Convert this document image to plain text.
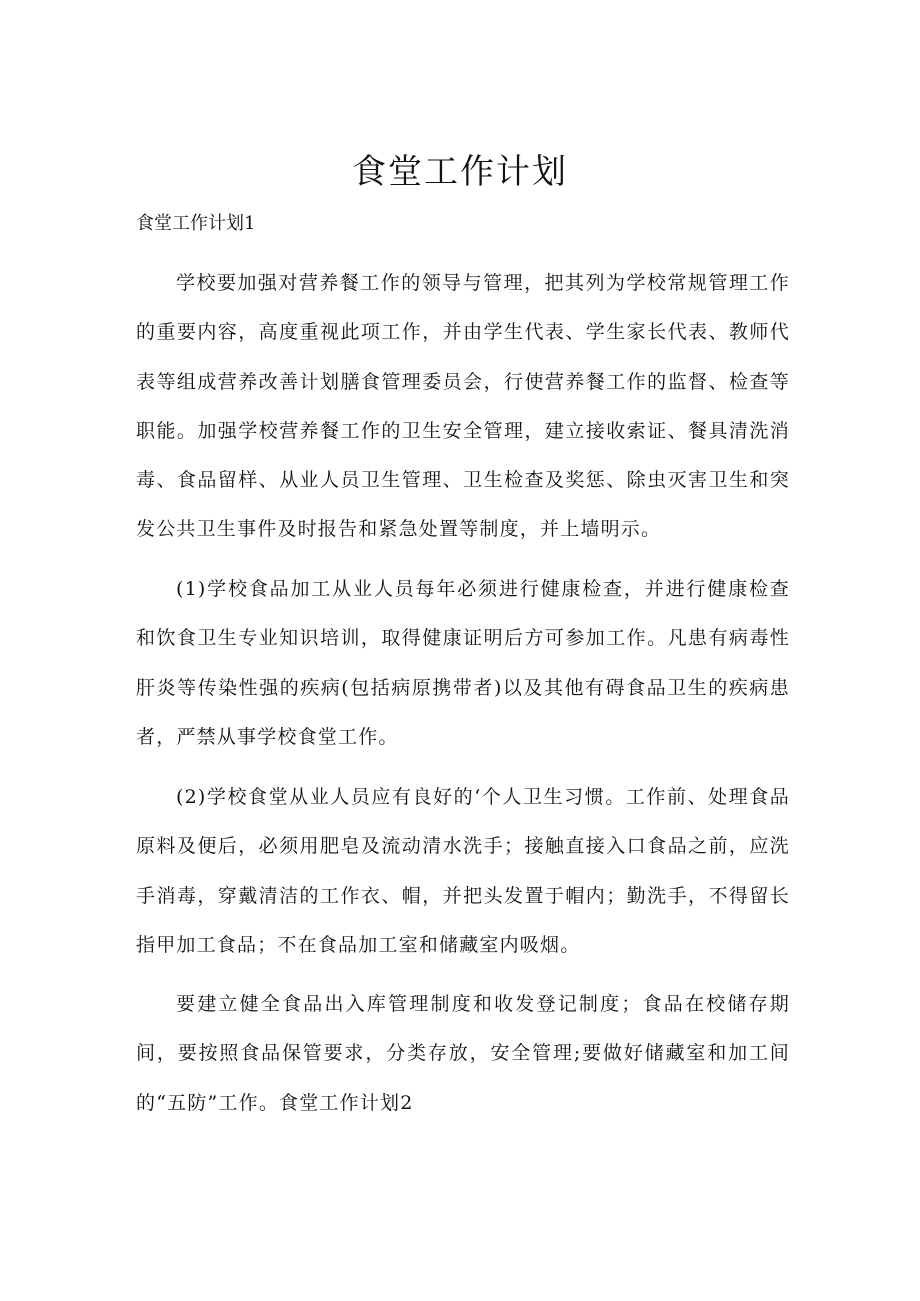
食堂工作计划
食堂工作计划1

学校要加强对营养餐工作的领导与管理，把其列为学校常规管理工作的重要内容，高度重视此项工作，并由学生代表、学生家长代表、教师代表等组成营养改善计划膳食管理委员会，行使营养餐工作的监督、检查等职能。加强学校营养餐工作的卫生安全管理，建立接收索证、餐具清洗消毒、食品留样、从业人员卫生管理、卫生检查及奖惩、除虫灭害卫生和突发公共卫生事件及时报告和紧急处置等制度，并上墙明示。

(1)学校食品加工从业人员每年必须进行健康检查，并进行健康检查和饮食卫生专业知识培训，取得健康证明后方可参加工作。凡患有病毒性肝炎等传染性强的疾病(包括病原携带者)以及其他有碍食品卫生的疾病患者，严禁从事学校食堂工作。

(2)学校食堂从业人员应有良好的‘个人卫生习惯。工作前、处理食品原料及便后，必须用肥皂及流动清水洗手；接触直接入口食品之前，应洗手消毒，穿戴清洁的工作衣、帽，并把头发置于帽内；勤洗手，不得留长指甲加工食品；不在食品加工室和储藏室内吸烟。

要建立健全食品出入库管理制度和收发登记制度；食品在校储存期间，要按照食品保管要求，分类存放，安全管理;要做好储藏室和加工间的“五防”工作。食堂工作计划2
